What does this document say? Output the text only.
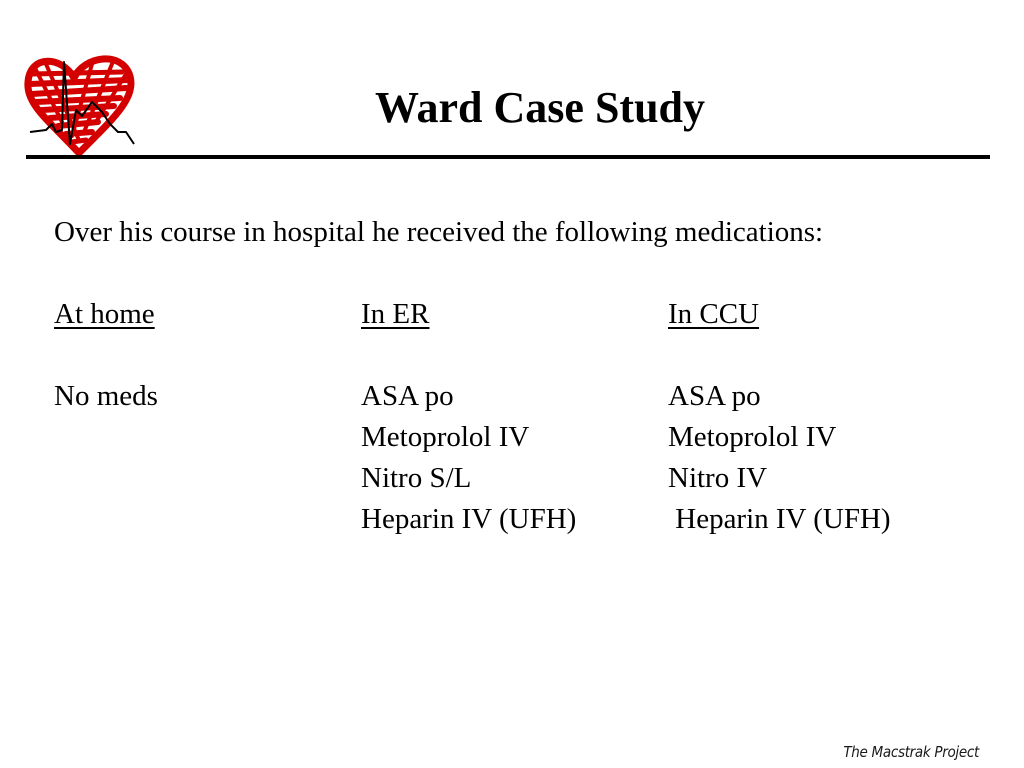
Ward Case Study

Over his course in hospital he received the following medications:

At home
No meds
In ER
ASA po
Metoprolol IV
Nitro S/L
Heparin IV (UFH)
In CCU
ASA po
Metoprolol IV
Nitro IV
Heparin IV (UFH)
The Macstrak Project
